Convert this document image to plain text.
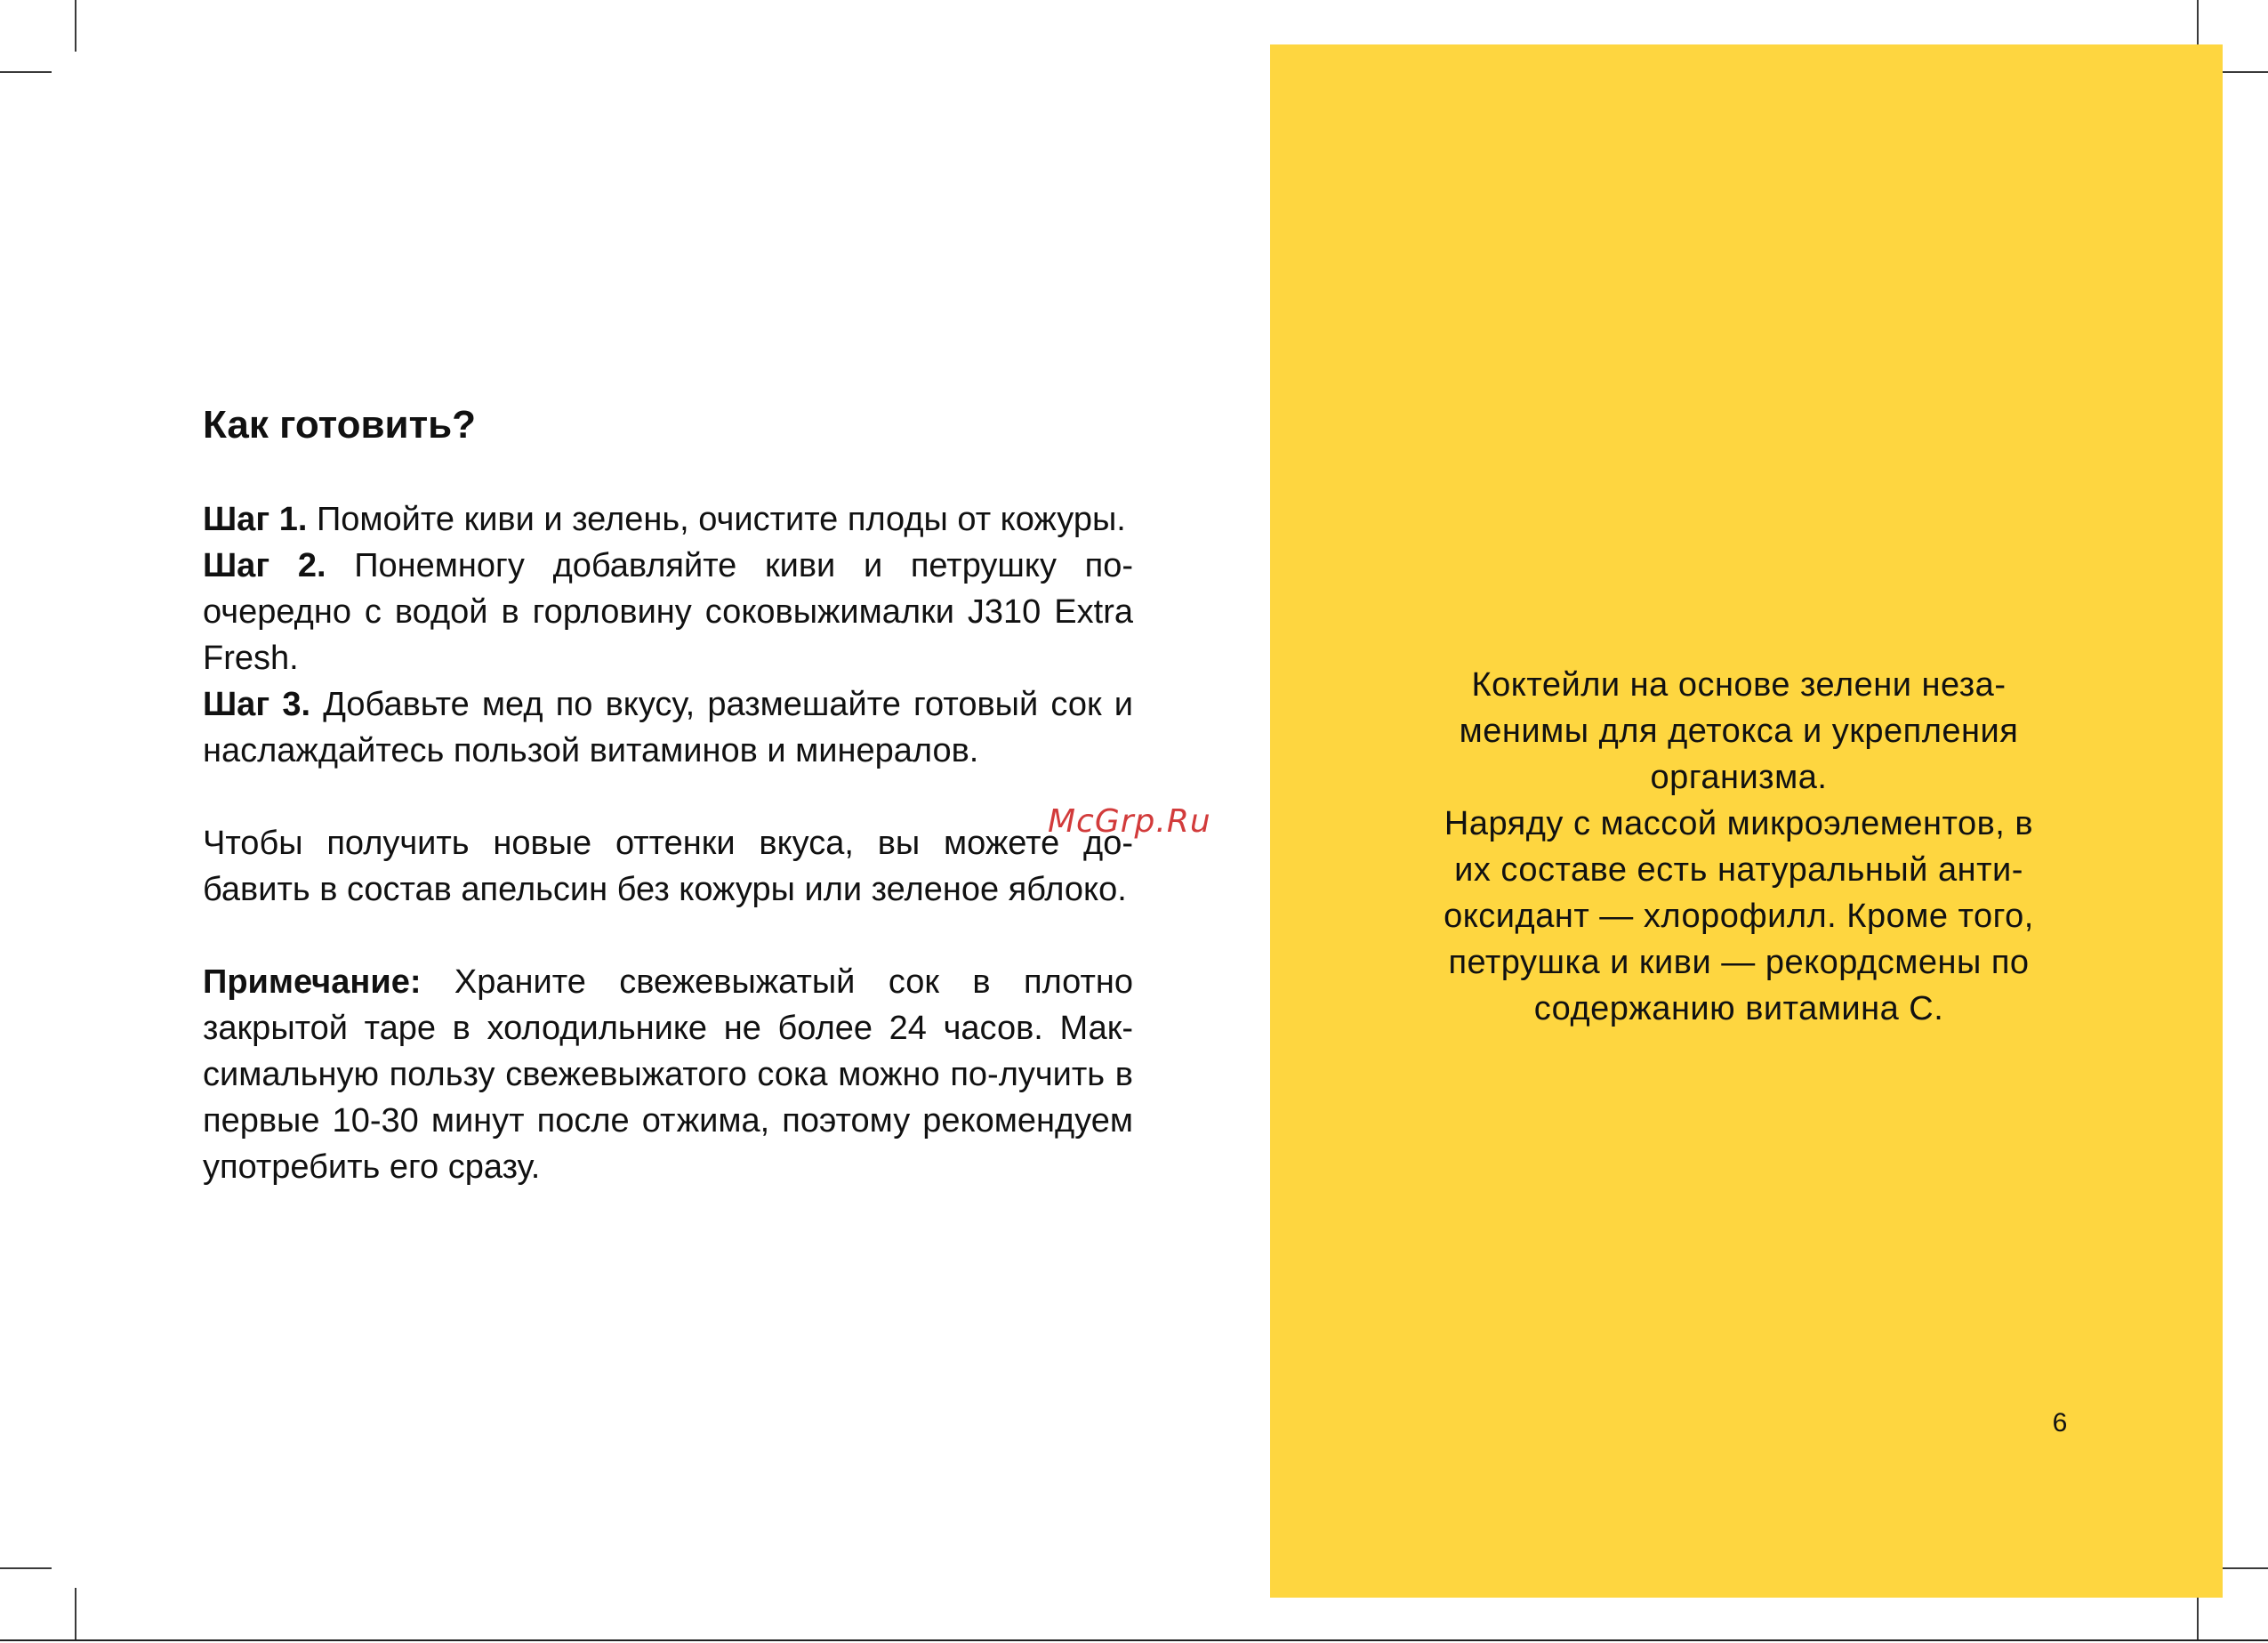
Как готовить?

Шаг 1. Помойте киви и зелень, очистите плоды от кожуры.

Шаг 2. Понемногу добавляйте киви и петрушку по-очередно с водой в горловину соковыжималки J310 Extra Fresh.

Шаг 3. Добавьте мед по вкусу, размешайте готовый сок и наслаждайтесь пользой витаминов и минералов.

Чтобы получить новые оттенки вкуса, вы можете до-бавить в состав апельсин без кожуры или зеленое яблоко.

Примечание: Храните свежевыжатый сок в плотно закрытой таре в холодильнике не более 24 часов. Мак-симальную пользу свежевыжатого сока можно по-лучить в первые 10-30 минут после отжима, поэтому рекомендуем употребить его сразу.

McGrp.Ru

Коктейли на основе зелени неза-менимы для детокса и укрепления организма.

Наряду с массой микроэлементов, в их составе есть натуральный анти-оксидант — хлорофилл. Кроме того, петрушка и киви — рекордсмены по содержанию витамина С.

6
